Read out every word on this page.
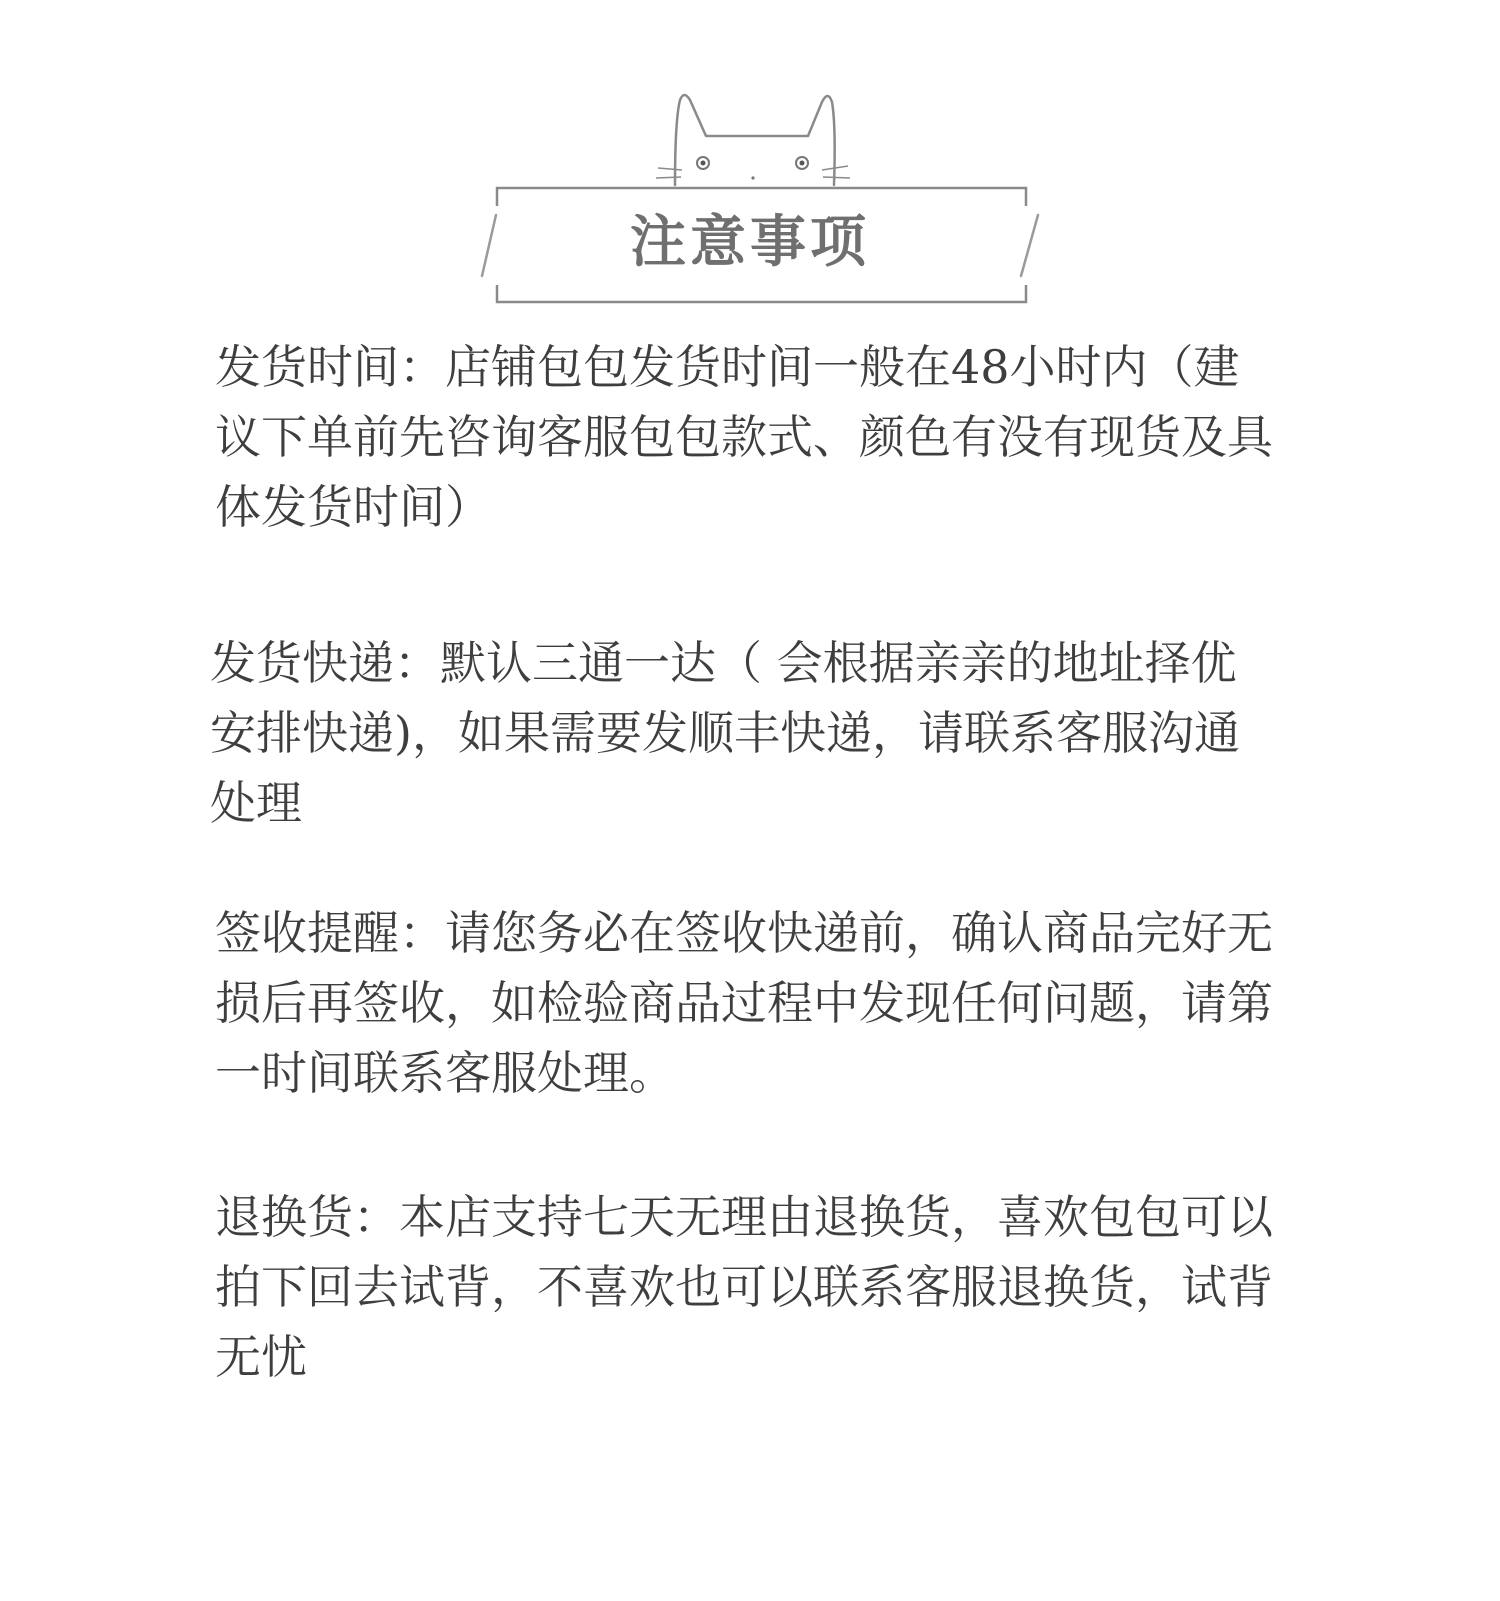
注意事项

发货时间：店铺包包发货时间一般在48小时内（建议下单前先咨询客服包包款式、颜色有没有现货及具体发货时间）

发货快递：默认三通一达（ 会根据亲亲的地址择优安排快递)，如果需要发顺丰快递，请联系客服沟通处理

签收提醒：请您务必在签收快递前，确认商品完好无损后再签收，如检验商品过程中发现任何问题，请第一时间联系客服处理。

退换货：本店支持七天无理由退换货，喜欢包包可以拍下回去试背，不喜欢也可以联系客服退换货，试背无忧
